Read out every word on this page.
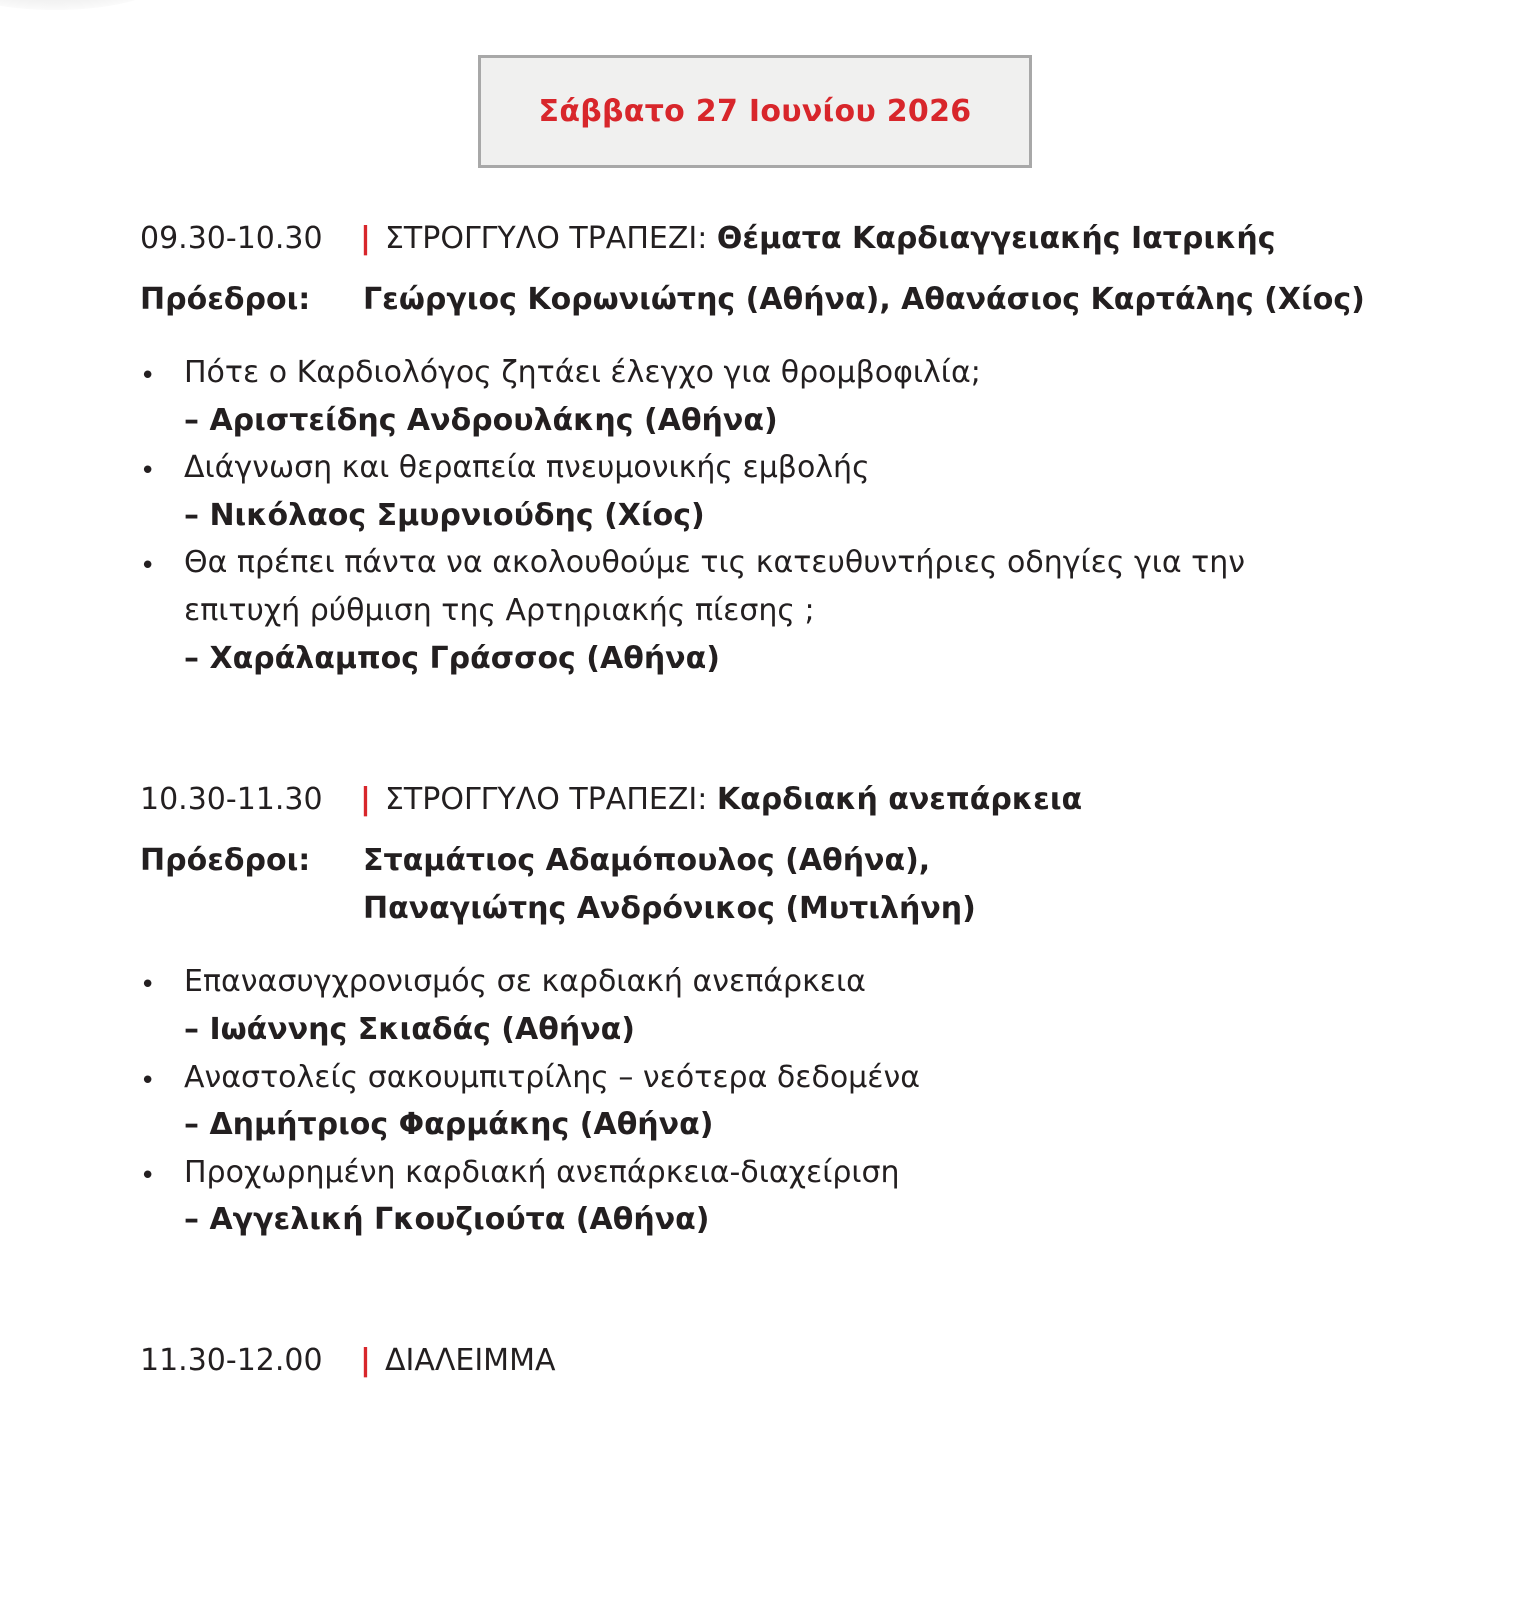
Σάββατο 27 Ιουνίου 2026
09.30-10.30 | ΣΤΡΟΓΓΥΛΟ ΤΡΑΠΕΖΙ: Θέματα Καρδιαγγειακής Ιατρικής
Πρόεδροι: Γεώργιος Κορωνιώτης (Αθήνα), Αθανάσιος Καρτάλης (Χίος)
• Πότε ο Καρδιολόγος ζητάει έλεγχο για θρομβοφιλία;
– Αριστείδης Ανδρουλάκης (Αθήνα)
• Διάγνωση και θεραπεία πνευμονικής εμβολής
– Νικόλαος Σμυρνιούδης (Χίος)
• Θα πρέπει πάντα να ακολουθούμε τις κατευθυντήριες οδηγίες για την
επιτυχή ρύθμιση της Αρτηριακής πίεσης ;
– Χαράλαμπος Γράσσος (Αθήνα)
10.30-11.30 | ΣΤΡΟΓΓΥΛΟ ΤΡΑΠΕΖΙ: Καρδιακή ανεπάρκεια
Πρόεδροι: Σταμάτιος Αδαμόπουλος (Αθήνα),
Παναγιώτης Ανδρόνικος (Μυτιλήνη)
• Επανασυγχρονισμός σε καρδιακή ανεπάρκεια
– Ιωάννης Σκιαδάς (Αθήνα)
• Αναστολείς σακουμπιτρίλης – νεότερα δεδομένα
– Δημήτριος Φαρμάκης (Αθήνα)
• Προχωρημένη καρδιακή ανεπάρκεια-διαχείριση
– Αγγελική Γκουζιούτα (Αθήνα)
11.30-12.00 | ΔΙΑΛΕΙΜΜΑ
